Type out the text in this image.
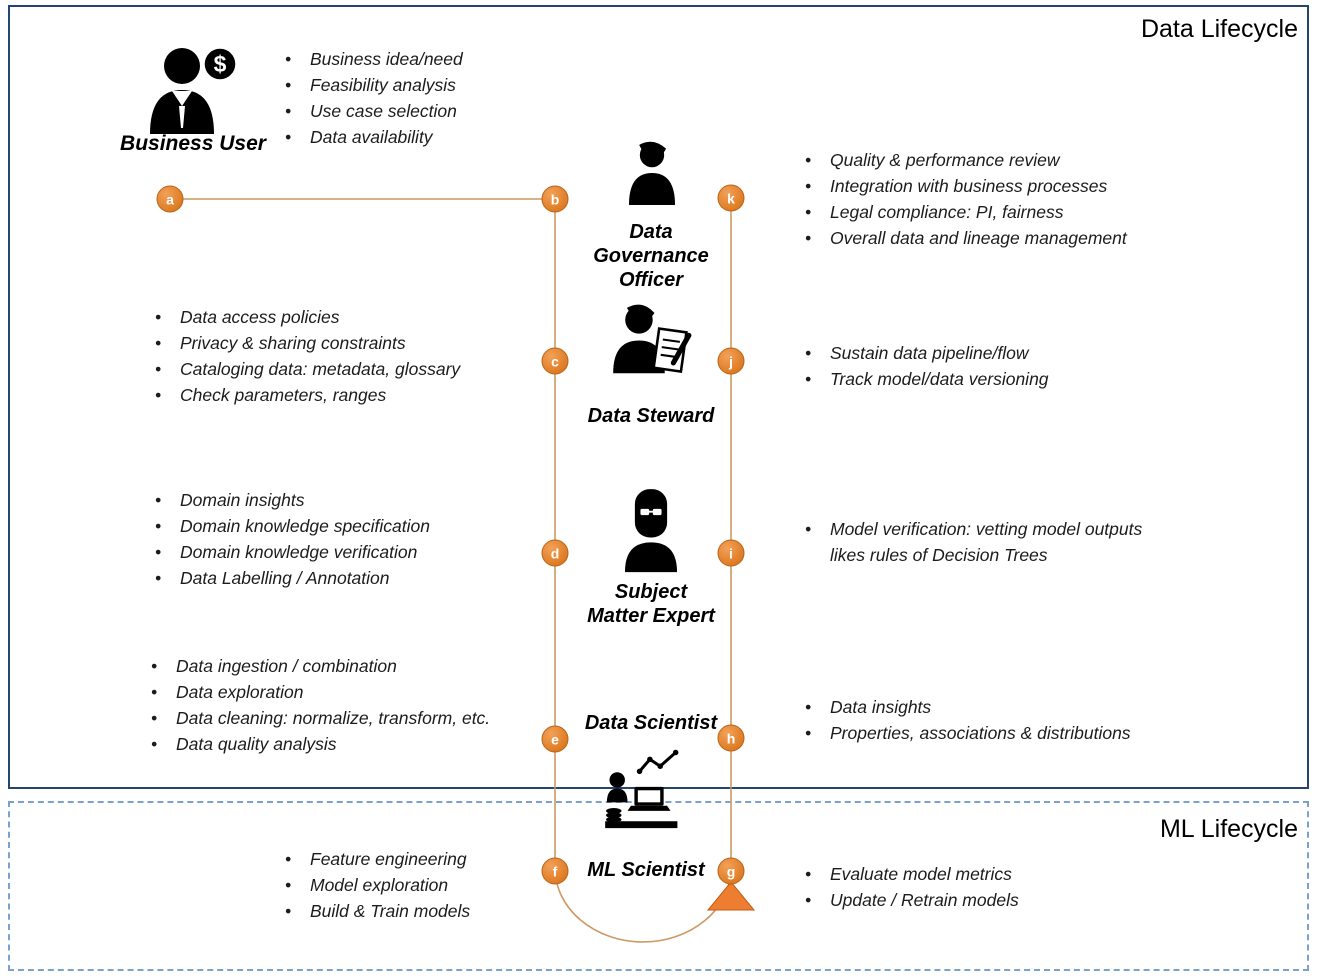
Data Lifecycle
ML Lifecycle
a	b
c
d
e
f	g
h
i
j
k
$
Business User
Data Governance Officer
Data Steward
Subject Matter Expert
Data Scientist
ML Scientist
• Business idea/need
• Feasibility analysis
• Use case selection
• Data availability
• Quality & performance review
• Integration with business processes
• Legal compliance: PI, fairness
• Overall data and lineage management
• Data access policies
• Privacy & sharing constraints
• Cataloging data: metadata, glossary
• Check parameters, ranges
• Sustain data pipeline/flow
• Track model/data versioning
• Domain insights
• Domain knowledge specification
• Domain knowledge verification
• Data Labelling / Annotation
• Model verification: vetting model outputs likes rules of Decision Trees
• Data ingestion / combination
• Data exploration
• Data cleaning: normalize, transform, etc.
• Data quality analysis
• Data insights
• Properties, associations & distributions
• Feature engineering
• Model exploration
• Build & Train models
• Evaluate model metrics
• Update / Retrain models
